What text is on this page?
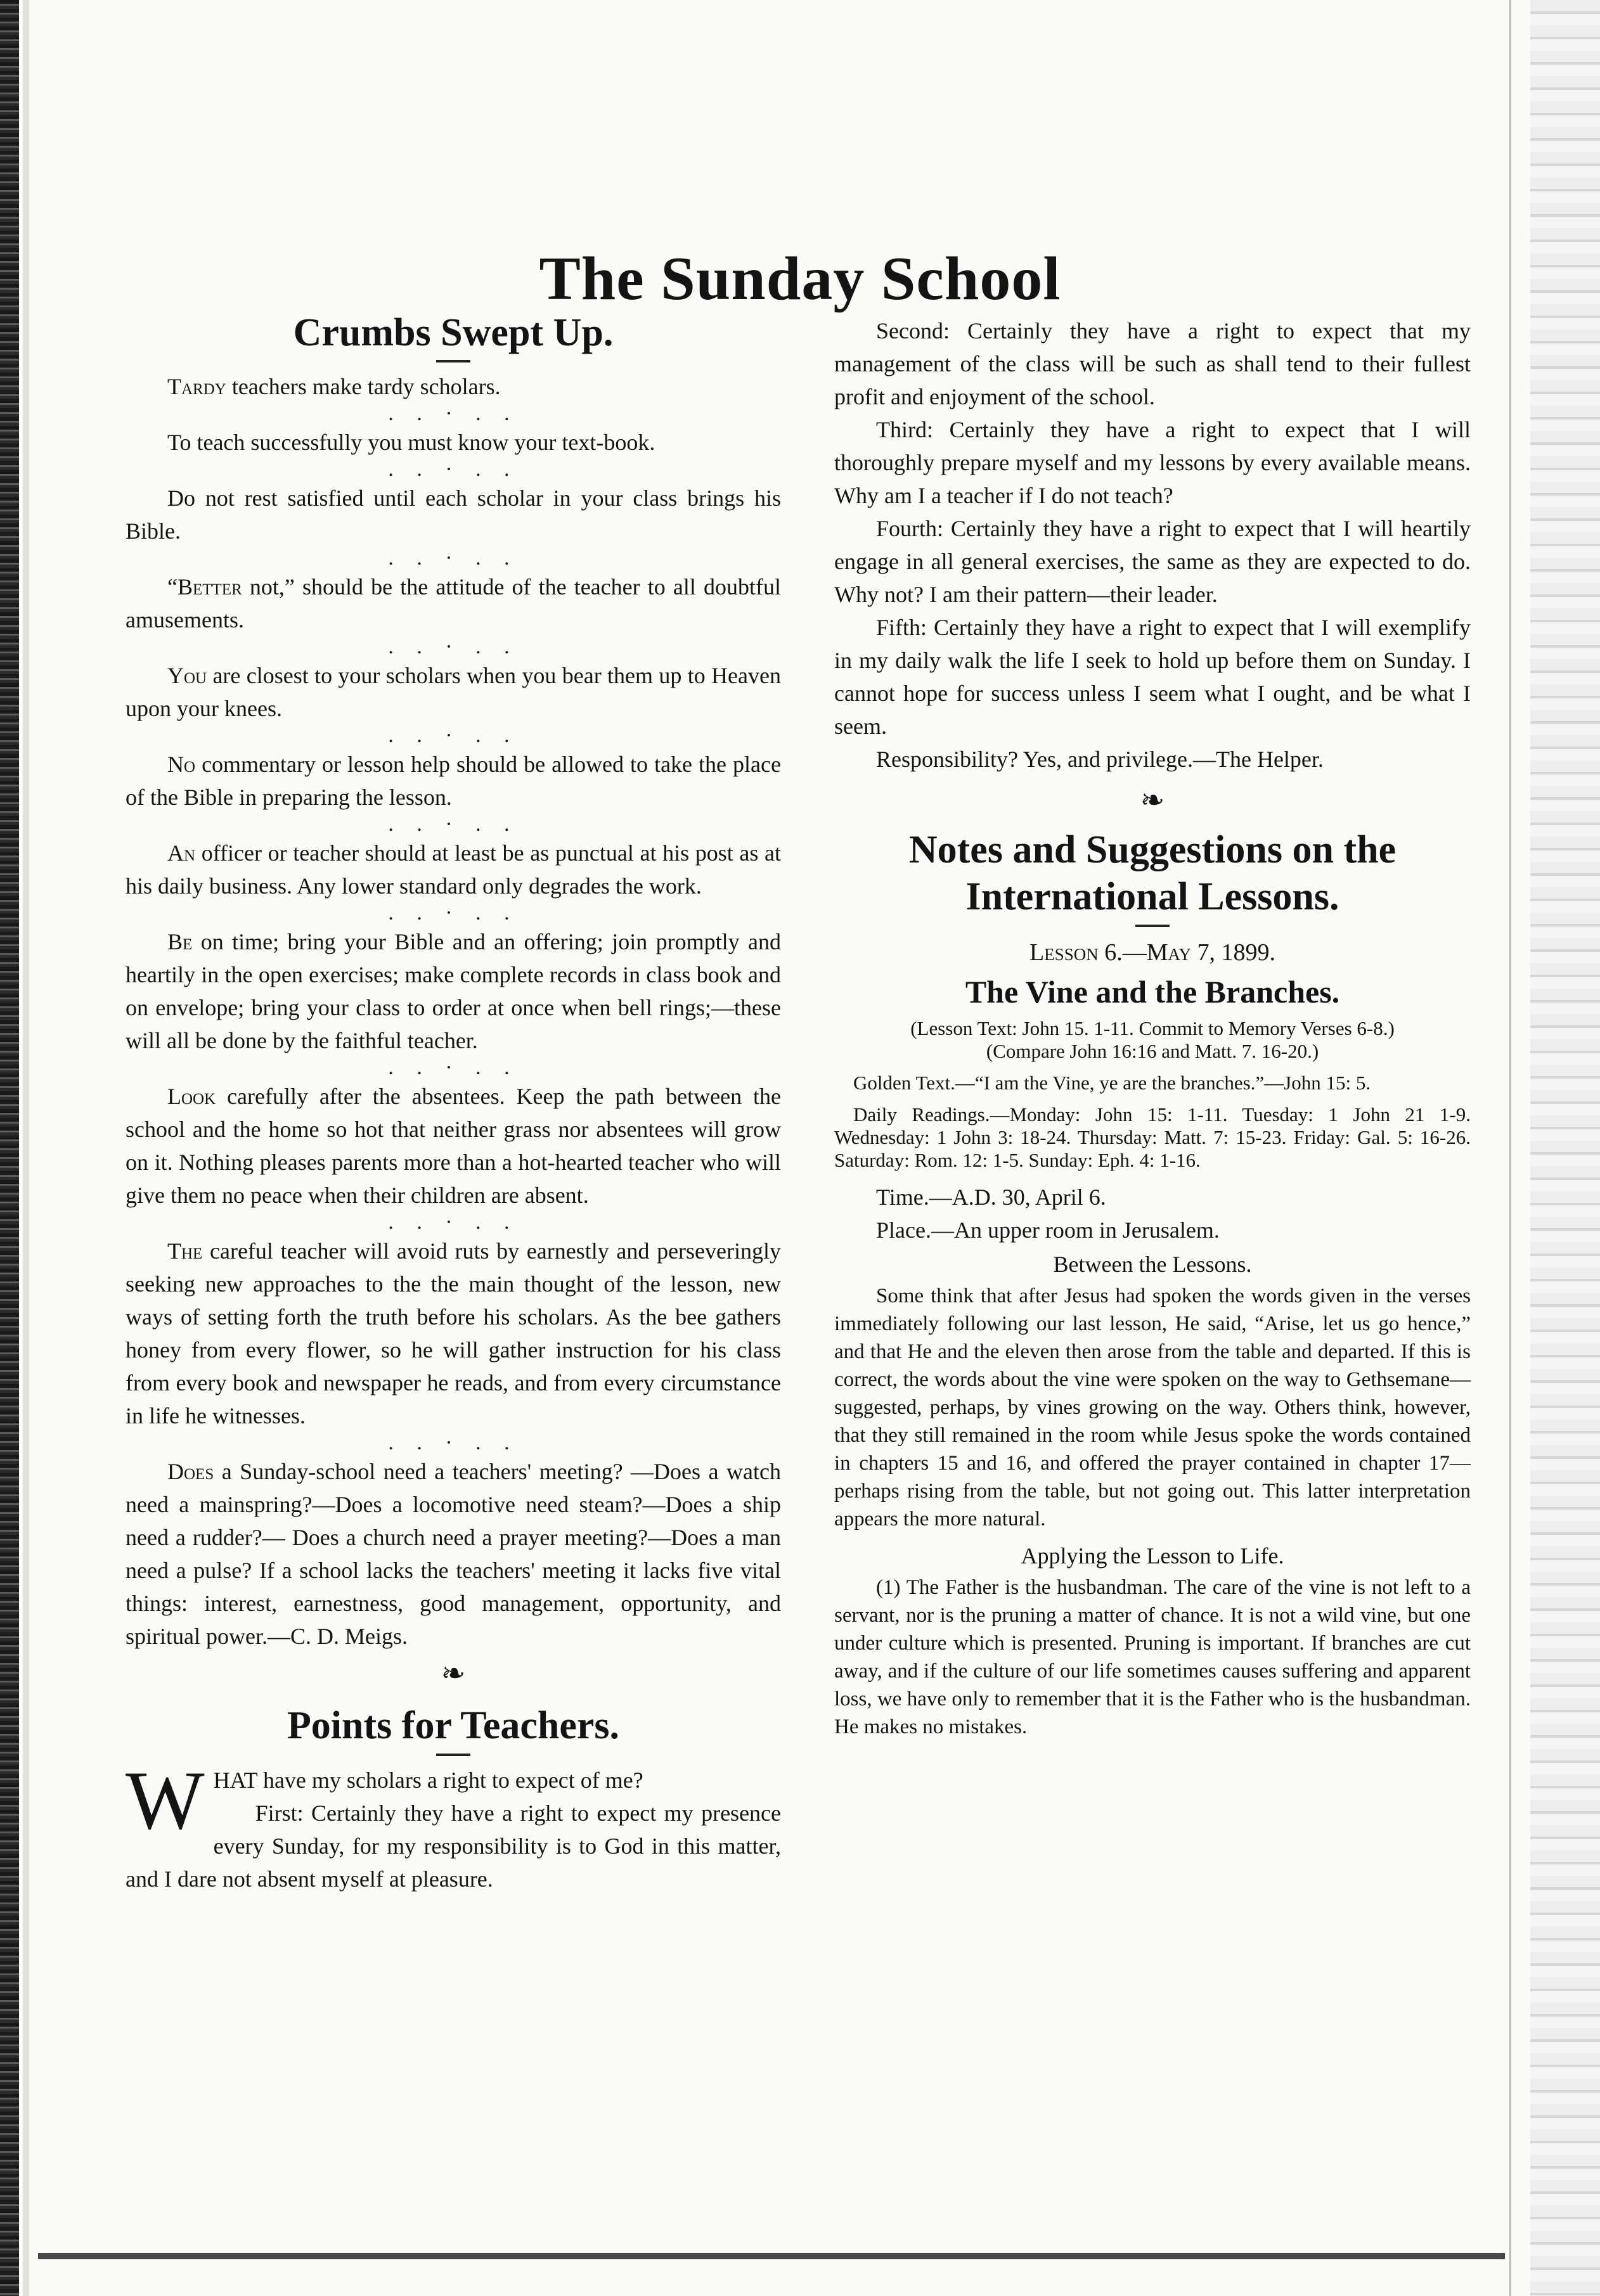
The Sunday School
Crumbs Swept Up.

Tardy teachers make tardy scholars.

. . · . .

To teach successfully you must know your text-book.

. . · . .

Do not rest satisfied until each scholar in your class brings his Bible.

. . · . .

“Better not,” should be the attitude of the teacher to all doubtful amusements.

. . · . .

You are closest to your scholars when you bear them up to Heaven upon your knees.

. . · . .

No commentary or lesson help should be allowed to take the place of the Bible in preparing the lesson.

. . · . .

An officer or teacher should at least be as punctual at his post as at his daily business. Any lower standard only degrades the work.

. . · . .

Be on time; bring your Bible and an offering; join promptly and heartily in the open exercises; make complete records in class book and on envelope; bring your class to order at once when bell rings;—these will all be done by the faithful teacher.

. . · . .

Look carefully after the absentees. Keep the path between the school and the home so hot that neither grass nor absentees will grow on it. Nothing pleases parents more than a hot-hearted teacher who will give them no peace when their children are absent.

. . · . .

The careful teacher will avoid ruts by earnestly and perseveringly seeking new approaches to the the main thought of the lesson, new ways of setting forth the truth before his scholars. As the bee gathers honey from every flower, so he will gather instruction for his class from every book and newspaper he reads, and from every circumstance in life he witnesses.

. . · . .

Does a Sunday-school need a teachers' meeting? —Does a watch need a mainspring?—Does a locomotive need steam?—Does a ship need a rudder?— Does a church need a prayer meeting?—Does a man need a pulse? If a school lacks the teachers' meeting it lacks five vital things: interest, earnestness, good management, opportunity, and spiritual power.—C. D. Meigs.

❧
Points for Teachers.

WHAT have my scholars a right to expect of me?

First: Certainly they have a right to expect my presence every Sunday, for my responsibility is to God in this matter, and I dare not absent myself at pleasure.

Second: Certainly they have a right to expect that my management of the class will be such as shall tend to their fullest profit and enjoyment of the school.

Third: Certainly they have a right to expect that I will thoroughly prepare myself and my lessons by every available means. Why am I a teacher if I do not teach?

Fourth: Certainly they have a right to expect that I will heartily engage in all general exercises, the same as they are expected to do. Why not? I am their pattern—their leader.

Fifth: Certainly they have a right to expect that I will exemplify in my daily walk the life I seek to hold up before them on Sunday. I cannot hope for success unless I seem what I ought, and be what I seem.

Responsibility? Yes, and privilege.—The Helper.

❧
Notes and Suggestions on the
International Lessons.

Lesson 6.—May 7, 1899.

The Vine and the Branches.

(Lesson Text: John 15. 1-11. Commit to Memory Verses 6-8.)

(Compare John 16:16 and Matt. 7. 16-20.)

Golden Text.—“I am the Vine, ye are the branches.”—John 15: 5.

Daily Readings.—Monday: John 15: 1-11. Tuesday: 1 John 21 1-9. Wednesday: 1 John 3: 18-24. Thursday: Matt. 7: 15-23. Friday: Gal. 5: 16-26. Saturday: Rom. 12: 1-5. Sunday: Eph. 4: 1-16.

Time.—A.D. 30, April 6.

Place.—An upper room in Jerusalem.

Between the Lessons.

Some think that after Jesus had spoken the words given in the verses immediately following our last lesson, He said, “Arise, let us go hence,” and that He and the eleven then arose from the table and departed. If this is correct, the words about the vine were spoken on the way to Gethsemane—suggested, perhaps, by vines growing on the way. Others think, however, that they still remained in the room while Jesus spoke the words contained in chapters 15 and 16, and offered the prayer contained in chapter 17—perhaps rising from the table, but not going out. This latter interpretation appears the more natural.

Applying the Lesson to Life.

(1) The Father is the husbandman. The care of the vine is not left to a servant, nor is the pruning a matter of chance. It is not a wild vine, but one under culture which is presented. Pruning is important. If branches are cut away, and if the culture of our life sometimes causes suffering and apparent loss, we have only to remember that it is the Father who is the husbandman. He makes no mistakes.
